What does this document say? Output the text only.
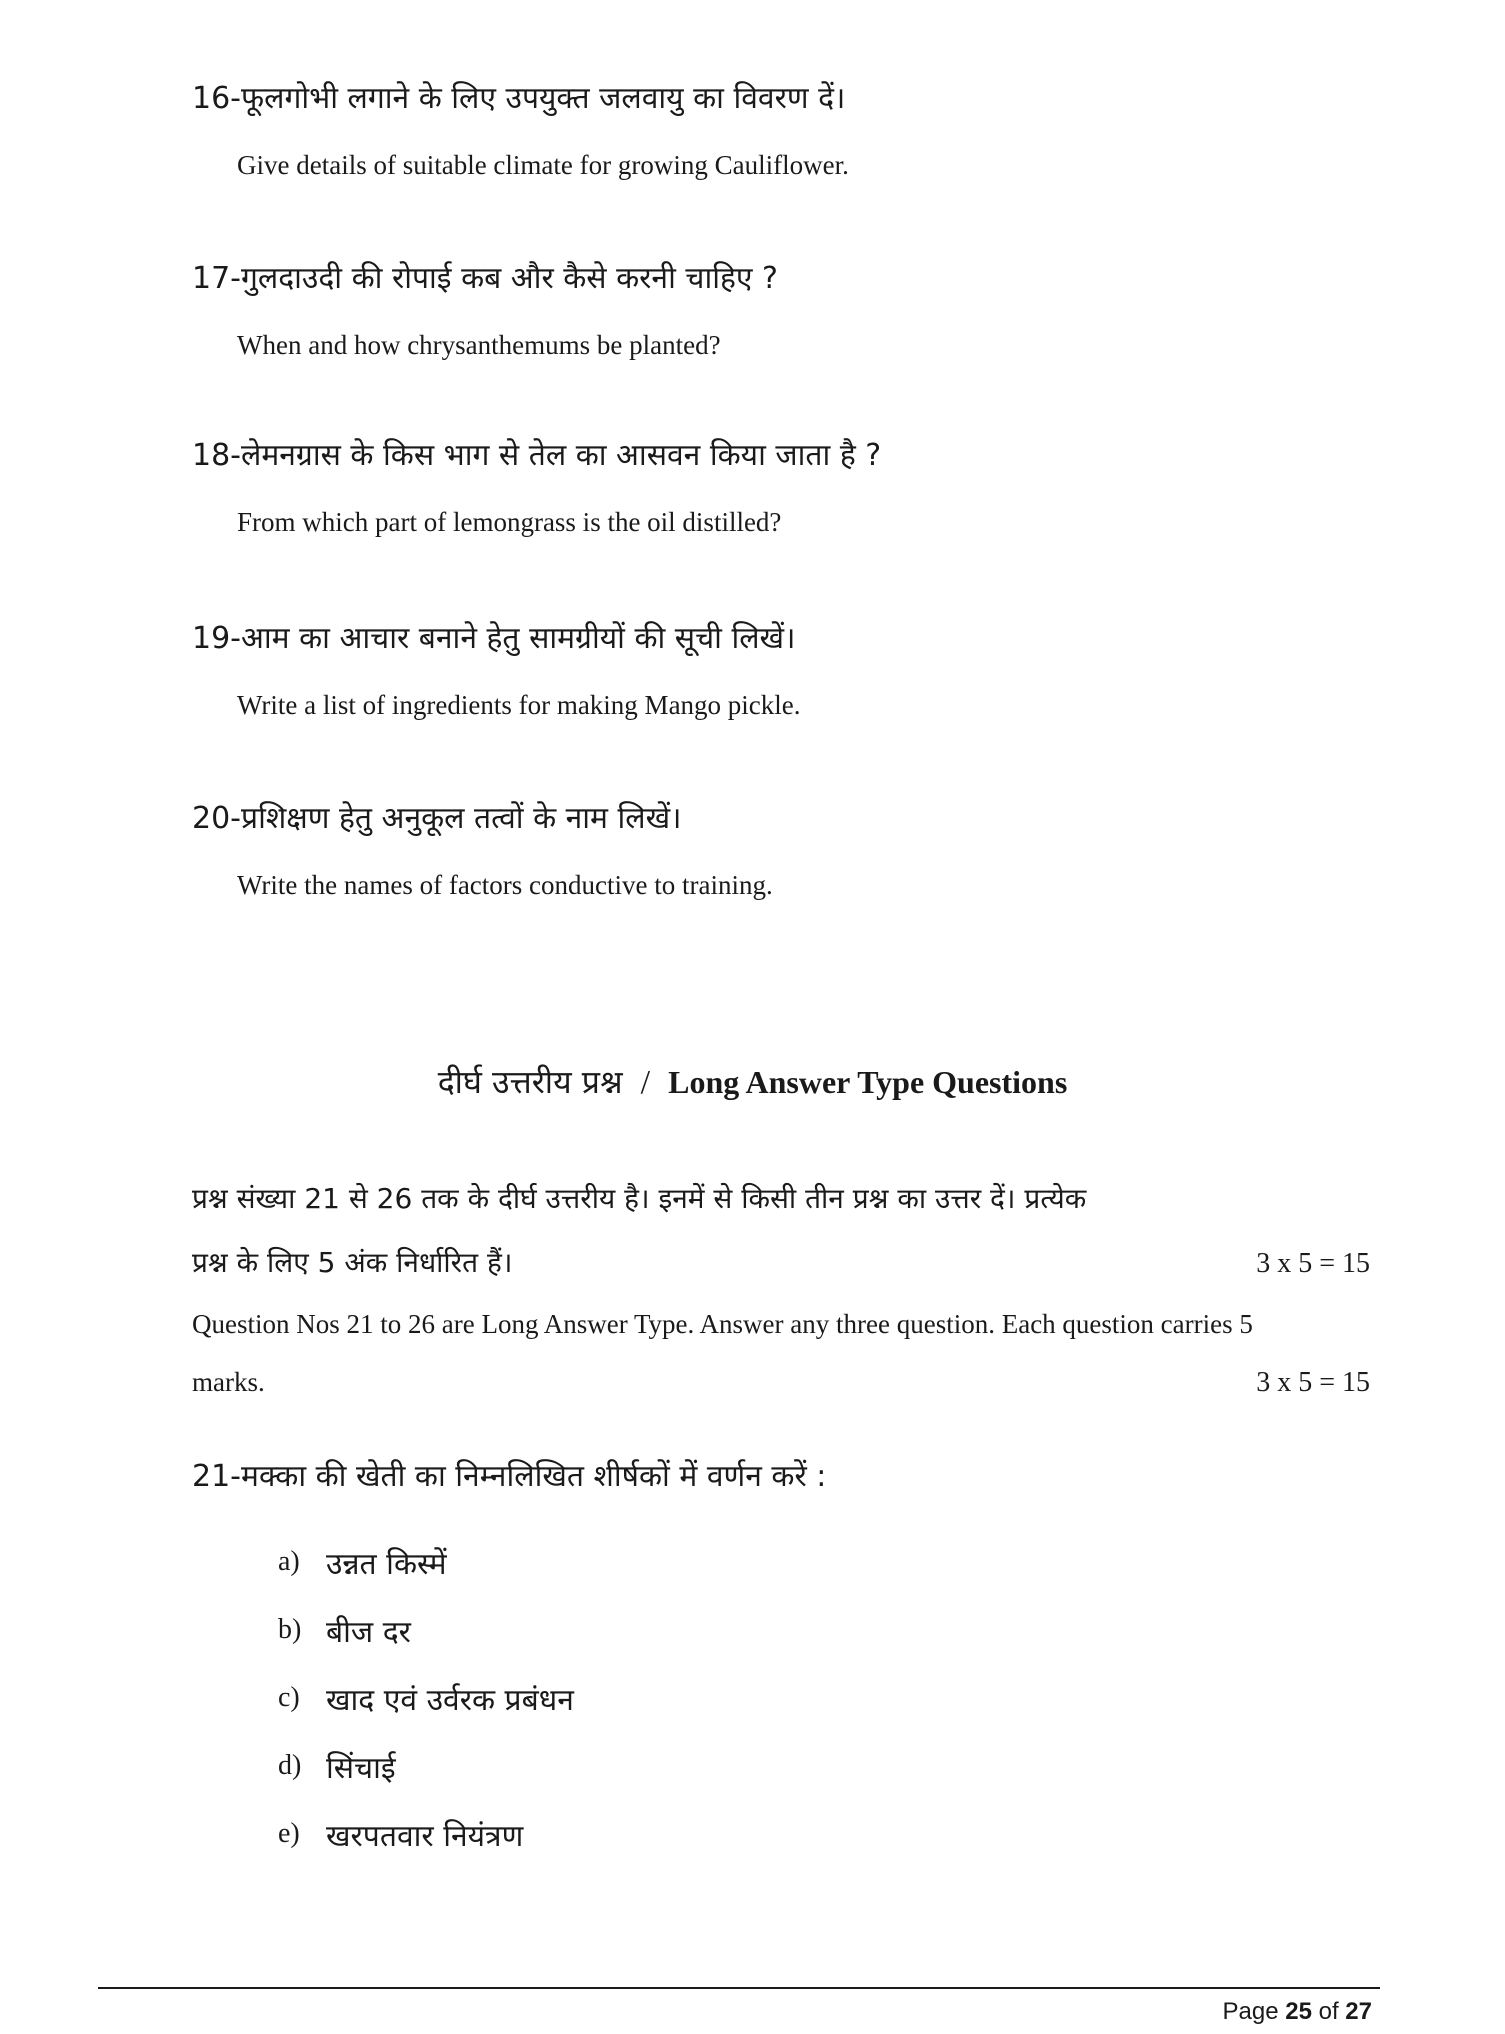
16-फूलगोभी लगाने के लिए उपयुक्त जलवायु का विवरण दें।
Give details of suitable climate for growing Cauliflower.
17-गुलदाउदी की रोपाई कब और कैसे करनी चाहिए ?
When and how chrysanthemums be planted?
18-लेमनग्रास के किस भाग से तेल का आसवन किया जाता है ?
From which part of lemongrass is the oil distilled?
19-आम का आचार बनाने हेतु सामग्रीयों की सूची लिखें।
Write a list of ingredients for making Mango pickle.
20-प्रशिक्षण हेतु अनुकूल तत्वों के नाम लिखें।
Write the names of factors conductive to training.
दीर्घ उत्तरीय प्रश्न / Long Answer Type Questions
प्रश्न संख्या 21 से 26 तक के दीर्घ उत्तरीय है। इनमें से किसी तीन प्रश्न का उत्तर दें। प्रत्येक
प्रश्न के लिए 5 अंक निर्धारित हैं।	3 x 5 = 15
Question Nos 21 to 26 are Long Answer Type. Answer any three question. Each question carries 5
marks.	3 x 5 = 15
21-मक्का की खेती का निम्नलिखित शीर्षकों में वर्णन करें :
a) उन्नत किस्में
b) बीज दर
c) खाद एवं उर्वरक प्रबंधन
d) सिंचाई
e) खरपतवार नियंत्रण
Page 25 of 27
